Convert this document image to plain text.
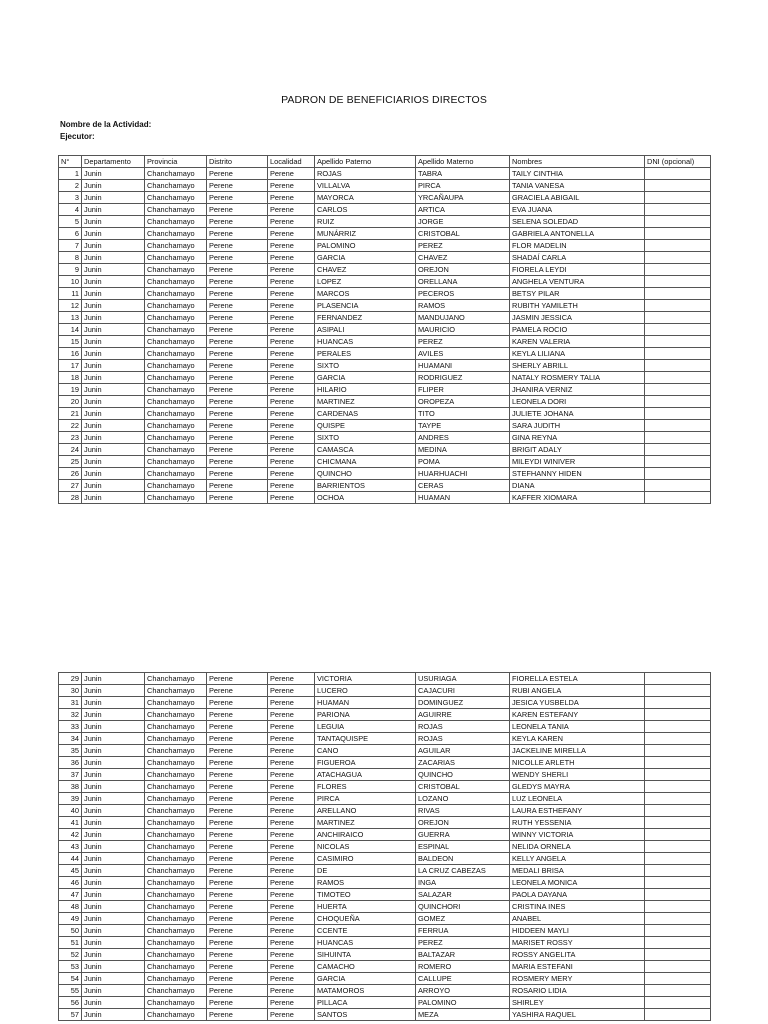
PADRON DE BENEFICIARIOS DIRECTOS
Nombre de la Actividad:
Ejecutor:
N°	Departamento	Provincia	Distrito	Localidad	Apellido Paterno	Apellido Materno	Nombres	DNI (opcional)
1	Junin	Chanchamayo	Perene	Perene	ROJAS	TABRA	TAILY CINTHIA	
2	Junin	Chanchamayo	Perene	Perene	VILLALVA	PIRCA	TANIA VANESA	
3	Junin	Chanchamayo	Perene	Perene	MAYORCA	YRCAÑAUPA	GRACIELA ABIGAIL	
4	Junin	Chanchamayo	Perene	Perene	CARLOS	ARTICA	EVA JUANA	
5	Junin	Chanchamayo	Perene	Perene	RUIZ	JORGE	SELENA SOLEDAD	
6	Junin	Chanchamayo	Perene	Perene	MUNÁRRIZ	CRISTOBAL	GABRIELA ANTONELLA	
7	Junin	Chanchamayo	Perene	Perene	PALOMINO	PEREZ	FLOR MADELIN	
8	Junin	Chanchamayo	Perene	Perene	GARCIA	CHAVEZ	SHADAÍ CARLA	
9	Junin	Chanchamayo	Perene	Perene	CHAVEZ	OREJON	FIORELA LEYDI	
10	Junin	Chanchamayo	Perene	Perene	LOPEZ	ORELLANA	ANGHELA VENTURA	
11	Junin	Chanchamayo	Perene	Perene	MARCOS	PECEROS	BETSY PILAR	
12	Junin	Chanchamayo	Perene	Perene	PLASENCIA	RAMOS	RUBITH YAMILETH	
13	Junin	Chanchamayo	Perene	Perene	FERNANDEZ	MANDUJANO	JASMIN JESSICA	
14	Junin	Chanchamayo	Perene	Perene	ASIPALI	MAURICIO	PAMELA ROCIO	
15	Junin	Chanchamayo	Perene	Perene	HUANCAS	PEREZ	KAREN VALERIA	
16	Junin	Chanchamayo	Perene	Perene	PERALES	AVILES	KEYLA LILIANA	
17	Junin	Chanchamayo	Perene	Perene	SIXTO	HUAMANI	SHERLY ABRILL	
18	Junin	Chanchamayo	Perene	Perene	GARCIA	RODRIGUEZ	NATALY ROSMERY TALIA	
19	Junin	Chanchamayo	Perene	Perene	HILARIO	FLIPER	JHANIRA VERNIZ	
20	Junin	Chanchamayo	Perene	Perene	MARTINEZ	OROPEZA	LEONELA DORI	
21	Junin	Chanchamayo	Perene	Perene	CARDENAS	TITO	JULIETE JOHANA	
22	Junin	Chanchamayo	Perene	Perene	QUISPE	TAYPE	SARA JUDITH	
23	Junin	Chanchamayo	Perene	Perene	SIXTO	ANDRES	GINA REYNA	
24	Junin	Chanchamayo	Perene	Perene	CAMASCA	MEDINA	BRIGIT ADALY	
25	Junin	Chanchamayo	Perene	Perene	CHICMANA	POMA	MILEYDI WINIVER	
26	Junin	Chanchamayo	Perene	Perene	QUINCHO	HUARHUACHI	STEFHANNY HIDEN	
27	Junin	Chanchamayo	Perene	Perene	BARRIENTOS	CERAS	DIANA	
28	Junin	Chanchamayo	Perene	Perene	OCHOA	HUAMAN	KAFFER XIOMARA	
29	Junin	Chanchamayo	Perene	Perene	VICTORIA	USURIAGA	FIORELLA ESTELA	
30	Junin	Chanchamayo	Perene	Perene	LUCERO	CAJACURI	RUBI ANGELA	
31	Junin	Chanchamayo	Perene	Perene	HUAMAN	DOMINGUEZ	JESICA YUSBELDA	
32	Junin	Chanchamayo	Perene	Perene	PARIONA	AGUIRRE	KAREN ESTEFANY	
33	Junin	Chanchamayo	Perene	Perene	LEGUIA	ROJAS	LEONELA TANIA	
34	Junin	Chanchamayo	Perene	Perene	TANTAQUISPE	ROJAS	KEYLA KAREN	
35	Junin	Chanchamayo	Perene	Perene	CANO	AGUILAR	JACKELINE MIRELLA	
36	Junin	Chanchamayo	Perene	Perene	FIGUEROA	ZACARIAS	NICOLLE ARLETH	
37	Junin	Chanchamayo	Perene	Perene	ATACHAGUA	QUINCHO	WENDY SHERLI	
38	Junin	Chanchamayo	Perene	Perene	FLORES	CRISTOBAL	GLEDYS MAYRA	
39	Junin	Chanchamayo	Perene	Perene	PIRCA	LOZANO	LUZ LEONELA	
40	Junin	Chanchamayo	Perene	Perene	ARELLANO	RIVAS	LAURA ESTHEFANY	
41	Junin	Chanchamayo	Perene	Perene	MARTINEZ	OREJON	RUTH YESSENIA	
42	Junin	Chanchamayo	Perene	Perene	ANCHIRAICO	GUERRA	WINNY VICTORIA	
43	Junin	Chanchamayo	Perene	Perene	NICOLAS	ESPINAL	NELIDA ORNELA	
44	Junin	Chanchamayo	Perene	Perene	CASIMIRO	BALDEON	KELLY ANGELA	
45	Junin	Chanchamayo	Perene	Perene	DE	LA CRUZ CABEZAS	MEDALI BRISA	
46	Junin	Chanchamayo	Perene	Perene	RAMOS	INGA	LEONELA MONICA	
47	Junin	Chanchamayo	Perene	Perene	TIMOTEO	SALAZAR	PAOLA DAYANA	
48	Junin	Chanchamayo	Perene	Perene	HUERTA	QUINCHORI	CRISTINA INES	
49	Junin	Chanchamayo	Perene	Perene	CHOQUEÑA	GOMEZ	ANABEL	
50	Junin	Chanchamayo	Perene	Perene	CCENTE	FERRUA	HIDDEEN MAYLI	
51	Junin	Chanchamayo	Perene	Perene	HUANCAS	PEREZ	MARISET ROSSY	
52	Junin	Chanchamayo	Perene	Perene	SIHUINTA	BALTAZAR	ROSSY ANGELITA	
53	Junin	Chanchamayo	Perene	Perene	CAMACHO	ROMERO	MARIA ESTEFANI	
54	Junin	Chanchamayo	Perene	Perene	GARCIA	CALLUPE	ROSMERY MERY	
55	Junin	Chanchamayo	Perene	Perene	MATAMOROS	ARROYO	ROSARIO LIDIA	
56	Junin	Chanchamayo	Perene	Perene	PILLACA	PALOMINO	SHIRLEY	
57	Junin	Chanchamayo	Perene	Perene	SANTOS	MEZA	YASHIRA RAQUEL	
